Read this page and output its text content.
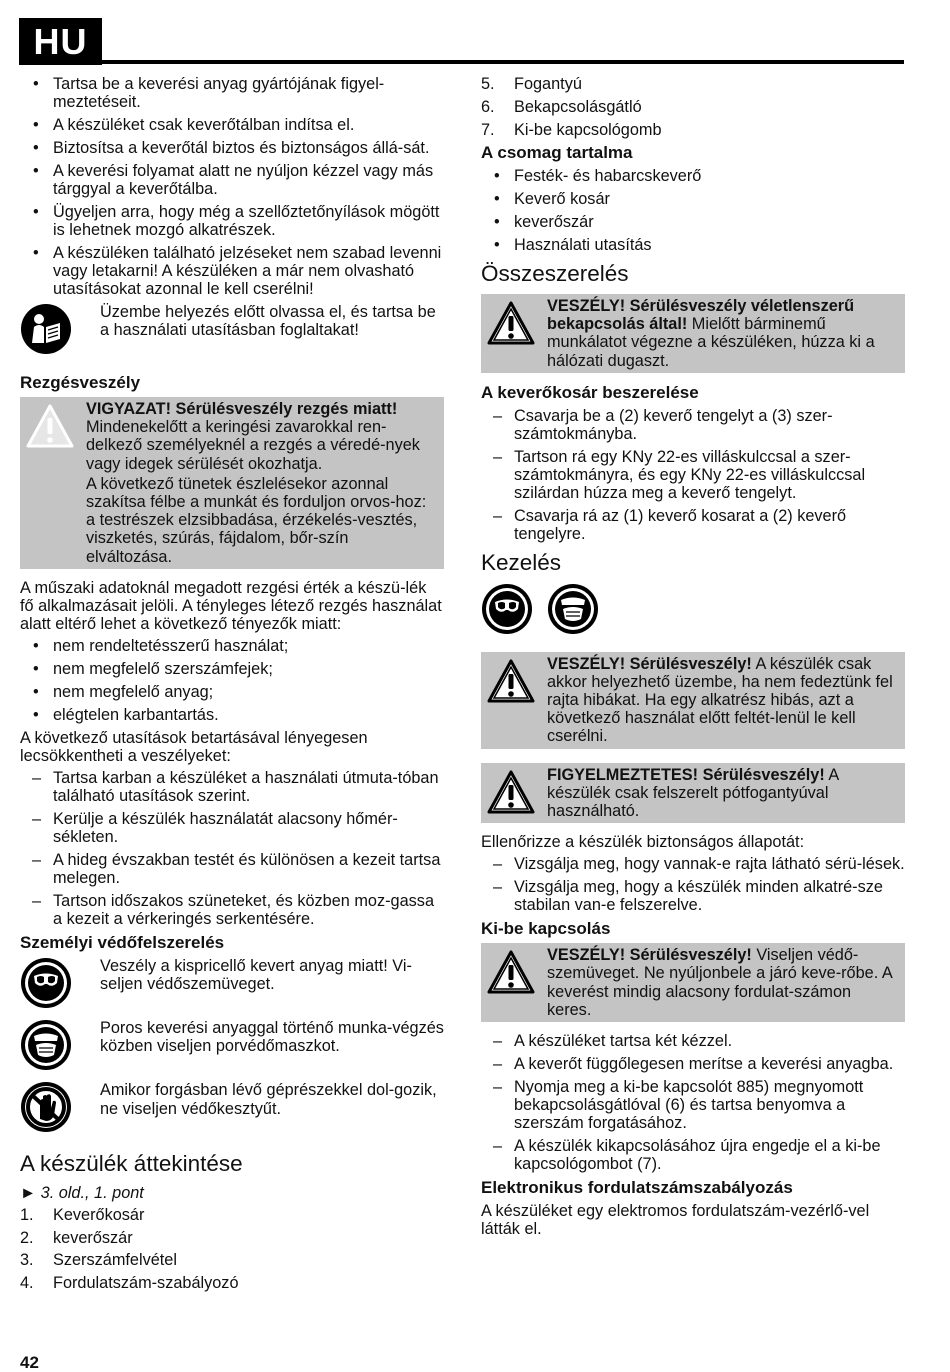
HU
• Tartsa be a keverési anyag gyártójának figyel-meztetéseit.
• A készüléket csak keverőtálban indítsa el.
• Biztosítsa a keverőtál biztos és biztonságos állá-sát.
• A keverési folyamat alatt ne nyúljon kézzel vagy más tárggyal a keverőtálba.
• Ügyeljen arra, hogy még a szellőztetőnyílások mögött is lehetnek mozgó alkatrészek.
• A készüléken található jelzéseket nem szabad levenni vagy letakarni! A készüléken a már nem olvasható utasításokat azonnal le kell cserélni!
Üzembe helyezés előtt olvassa el, és tartsa be a használati utasításban foglaltakat!
Rezgésveszély

VIGYAZAT! Sérülésveszély rezgés miatt!
Mindenekelőtt a keringési zavarokkal ren-delkező személyeknél a rezgés a véredé-nyek vagy idegek sérülését okozhatja.

A következő tünetek észlelésekor azonnal szakítsa félbe a munkát és forduljon orvos-hoz: a testrészek elzsibbadása, érzékelés-vesztés, viszketés, szúrás, fájdalom, bőr-szín elváltozása.

A műszaki adatoknál megadott rezgési érték a készü-lék fő alkalmazásait jelöli. A tényleges létező rezgés használat alatt eltérő lehet a következő tényezők miatt:

• nem rendeltetésszerű használat;
• nem megfelelő szerszámfejek;
• nem megfelelő anyag;
• elégtelen karbantartás.

A következő utasítások betartásával lényegesen lecsökkentheti a veszélyeket:

– Tartsa karban a készüléket a használati útmuta-tóban található utasítások szerint.
– Kerülje a készülék használatát alacsony hőmér-sékleten.
– A hideg évszakban testét és különösen a kezeit tartsa melegen.
– Tartson időszakos szüneteket, és közben moz-gassa a kezeit a vérkeringés serkentésére.
Személyi védőfelszerelés
Veszély a kispricellő kevert anyag miatt! Vi-seljen védőszemüveget.
Poros keverési anyaggal történő munka-végzés közben viseljen porvédőmaszkot.
Amikor forgásban lévő géprészekkel dol-gozik, ne viseljen védőkesztyűt.
A készülék áttekintése

► 3. old., 1. pont

1. Keverőkosár
2. keverőszár
3. Szerszámfelvétel
4. Fordulatszám-szabályozó
5. Fogantyú
6. Bekapcsolásgátló
7. Ki-be kapcsológomb
A csomag tartalma
• Festék- és habarcskeverő
• Keverő kosár
• keverőszár
• Használati utasítás
Összeszerelés

VESZÉLY! Sérülésveszély véletlenszerű bekapcsolás által! Mielőtt bárminemű munkálatot végezne a készüléken, húzza ki a hálózati dugaszt.

A keverőkosár beszerelése
– Csavarja be a (2) keverő tengelyt a (3) szer-számtokmányba.
– Tartson rá egy KNy 22-es villáskulccsal a szer-számtokmányra, és egy KNy 22-es villáskulccsal szilárdan húzza meg a keverő tengelyt.
– Csavarja rá az (1) keverő kosarat a (2) keverő tengelyre.
Kezelés

VESZÉLY! Sérülésveszély! A készülék csak akkor helyezhető üzembe, ha nem fedeztünk fel rajta hibákat. Ha egy alkatrész hibás, azt a következő használat előtt feltét-lenül le kell cserélni.

FIGYELMEZTETES! Sérülésveszély! A készülék csak felszerelt pótfogantyúval használható.

Ellenőrizze a készülék biztonságos állapotát:

– Vizsgálja meg, hogy vannak-e rajta látható sérü-lések.
– Vizsgálja meg, hogy a készülék minden alkatré-sze stabilan van-e felszerelve.
Ki-be kapcsolás

VESZÉLY! Sérülésveszély! Viseljen védő-szemüveget. Ne nyúljonbele a járó keve-rőbe. A keverést mindig alacsony fordulat-számon keres.

– A készüléket tartsa két kézzel.
– A keverőt függőlegesen merítse a keverési anyagba.
– Nyomja meg a ki-be kapcsolót 885) megnyomott bekapcsolásgátlóval (6) és tartsa benyomva a szerszám forgatásához.
– A készülék kikapcsolásához újra engedje el a ki-be kapcsológombot (7).
Elektronikus fordulatszámszabályozás

A készüléket egy elektromos fordulatszám-vezérlő-vel látták el.

42
